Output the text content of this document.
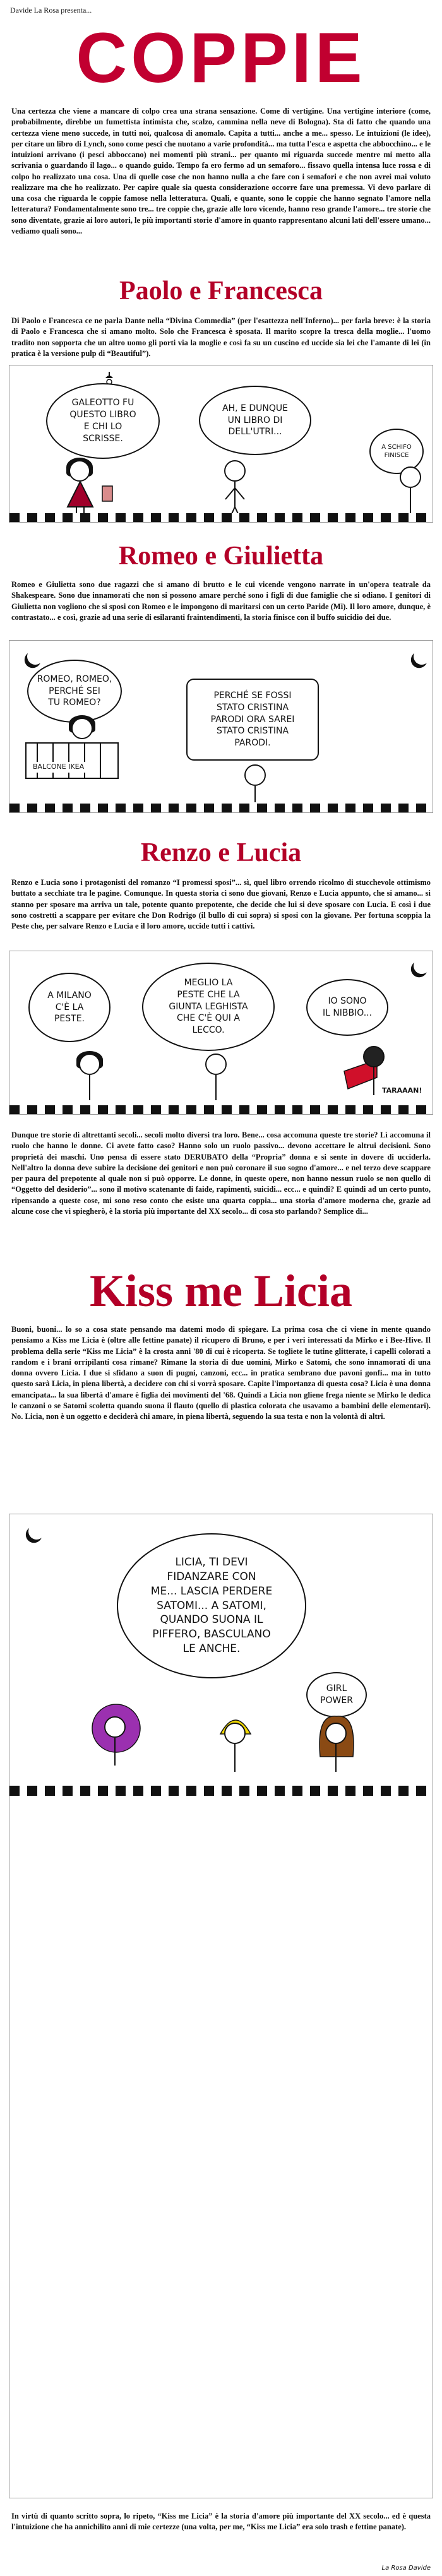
Davide La Rosa presenta...
COPPIE
Una certezza che viene a mancare di colpo crea una strana sensazione. Come di vertigine. Una vertigine interiore (come, probabilmente, direbbe un fumettista intimista che, scalzo, cammina nella neve di Bologna). Sta di fatto che quando una certezza viene meno succede, in tutti noi, qualcosa di anomalo. Capita a tutti... anche a me... spesso. Le intuizioni (le idee), per citare un libro di Lynch, sono come pesci che nuotano a varie profondità... ma tutta l'esca e aspetta che abbocchino... e le intuizioni arrivano (i pesci abboccano) nei momenti più strani... per quanto mi riguarda succede mentre mi metto alla scrivania o guardando il lago... o quando guido. Tempo fa ero fermo ad un semaforo... fissavo quella intensa luce rossa e di colpo ho realizzato una cosa. Una di quelle cose che non hanno nulla a che fare con i semafori e che non avrei mai voluto realizzare ma che ho realizzato. Per capire quale sia questa considerazione occorre fare una premessa. Vi devo parlare di una cosa che riguarda le coppie famose nella letteratura. Quali, e quante, sono le coppie che hanno segnato l'amore nella letteratura? Fondamentalmente sono tre... tre coppie che, grazie alle loro vicende, hanno reso grande l'amore... tre storie che sono diventate, grazie ai loro autori, le più importanti storie d'amore in quanto rappresentano alcuni lati dell'essere umano... vediamo quali sono...
Paolo e Francesca
Di Paolo e Francesca ce ne parla Dante nella “Divina Commedia” (per l'esattezza nell'Inferno)... per farla breve: è la storia di Paolo e Francesca che si amano molto. Solo che Francesca è sposata. Il marito scopre la tresca della moglie... l'uomo tradito non sopporta che un altro uomo gli porti via la moglie e così fa su un cuscino ed uccide sia lei che l'amante di lei (in pratica è la versione pulp di “Beautiful”).
GALEOTTO FU
QUESTO LIBRO
E CHI LO
SCRISSE.
AH, E DUNQUE
UN LIBRO DI
DELL'UTRI...
A SCHIFO FINISCE
Romeo e Giulietta
Romeo e Giulietta sono due ragazzi che si amano di brutto e le cui vicende vengono narrate in un'opera teatrale da Shakespeare. Sono due innamorati che non si possono amare perché sono i figli di due famiglie che si odiano. I genitori di Giulietta non vogliono che si sposi con Romeo e le impongono di maritarsi con un certo Paride (Mi). Il loro amore, dunque, è contrastato... e così, grazie ad una serie di esilaranti fraintendimenti, la storia finisce con il buffo suicidio dei due.
ROMEO, ROMEO,
PERCHÉ SEI
TU ROMEO?
PERCHÉ SE FOSSI
STATO CRISTINA
PARODI ORA SAREI
STATO CRISTINA
PARODI.
BALCONE IKEA
Renzo e Lucia
Renzo e Lucia sono i protagonisti del romanzo “I promessi sposi”... sì, quel libro orrendo ricolmo di stucchevole ottimismo buttato a secchiate tra le pagine. Comunque. In questa storia ci sono due giovani, Renzo e Lucia appunto, che si amano... si stanno per sposare ma arriva un tale, potente quanto prepotente, che decide che lui si deve sposare con Lucia. E così i due sono costretti a scappare per evitare che Don Rodrigo (il bullo di cui sopra) si sposi con la giovane. Per fortuna scoppia la Peste che, per salvare Renzo e Lucia e il loro amore, uccide tutti i cattivi.
A MILANO
C'È LA
PESTE.
MEGLIO LA
PESTE CHE LA
GIUNTA LEGHISTA
CHE C'È QUI A
LECCO.
IO SONO
IL NIBBIO...
TARAAAN!
Dunque tre storie di altrettanti secoli... secoli molto diversi tra loro. Bene... cosa accomuna queste tre storie? Lì accomuna il ruolo che hanno le donne. Ci avete fatto caso? Hanno solo un ruolo passivo... devono accettare le altrui decisioni. Sono proprietà dei maschi. Uno pensa di essere stato DERUBATO della “Propria” donna e si sente in dovere di ucciderla. Nell'altro la donna deve subire la decisione dei genitori e non può coronare il suo sogno d'amore... e nel terzo deve scappare per paura del prepotente al quale non si può opporre. Le donne, in queste opere, non hanno nessun ruolo se non quello di “Oggetto del desiderio”... sono il motivo scatenante di faide, rapimenti, suicidi... ecc... e quindi? E quindi ad un certo punto, ripensando a queste cose, mi sono reso conto che esiste una quarta coppia... una storia d'amore moderna che, grazie ad alcune cose che vi spiegherò, è la storia più importante del XX secolo... di cosa sto parlando? Semplice di...
Kiss me Licia
Buoni, buoni... lo so a cosa state pensando ma datemi modo di spiegare. La prima cosa che ci viene in mente quando pensiamo a Kiss me Licia è (oltre alle fettine panate) il ricupero di Bruno, e per i veri interessati da Mirko e i Bee-Hive. Il problema della serie “Kiss me Licia” è la crosta anni '80 di cui è ricoperta. Se togliete le tutine glitterate, i capelli colorati a random e i brani orripilanti cosa rimane? Rimane la storia di due uomini, Mirko e Satomi, che sono innamorati di una donna ovvero Licia. I due si sfidano a suon di pugni, canzoni, ecc... in pratica sembrano due pavoni gonfi... ma in tutto questo sarà Licia, in piena libertà, a decidere con chi si vorrà sposare. Capite l'importanza di questa cosa? Licia è una donna emancipata... la sua libertà d'amare è figlia dei movimenti del '68. Quindi a Licia non gliene frega niente se Mirko le dedica le canzoni o se Satomi scoletta quando suona il flauto (quello di plastica colorata che usavamo a bambini delle elementari). No. Licia, non è un oggetto e deciderà chi amare, in piena libertà, seguendo la sua testa e non la volontà di altri.
LICIA, TI DEVI
FIDANZARE CON
ME... LASCIA PERDERE
SATOMI... A SATOMI,
QUANDO SUONA IL
PIFFERO, BASCULANO
LE ANCHE.
GIRL
POWER
In virtù di quanto scritto sopra, lo ripeto, “Kiss me Licia” è la storia d'amore più importante del XX secolo... ed è questa l'intuizione che ha annichilito anni di mie certezze (una volta, per me, “Kiss me Licia” era solo trash e fettine panate).
La Rosa Davide
